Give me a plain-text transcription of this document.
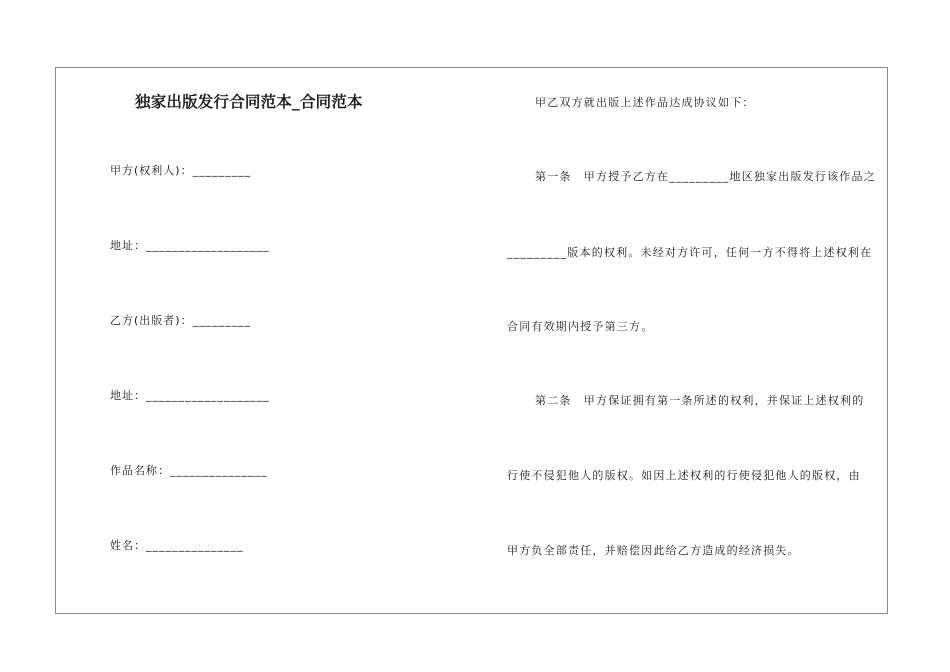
独家出版发行合同范本_合同范本
甲方(权利人)：_________
地址：___________________
乙方(出版者)：_________
地址：___________________
作品名称：_______________
姓名：_______________
甲乙双方就出版上述作品达成协议如下：
第一条　甲方授予乙方在_________地区独家出版发行该作品之
_________版本的权利。未经对方许可，任何一方不得将上述权利在
合同有效期内授予第三方。
第二条　甲方保证拥有第一条所述的权利，并保证上述权利的
行使不侵犯他人的版权。如因上述权利的行使侵犯他人的版权，由
甲方负全部责任，并赔偿因此给乙方造成的经济损失。
